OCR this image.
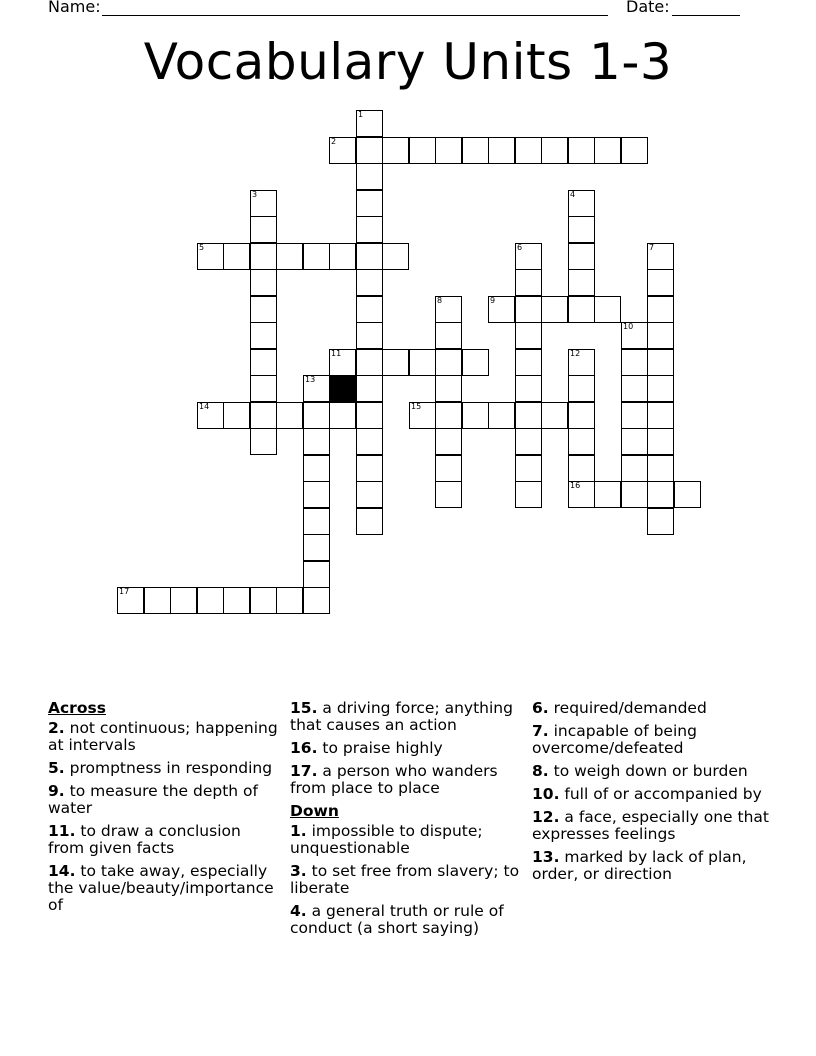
Name:	Date:
Vocabulary Units 1-3
1
2
3	4
5	6	7
8	9
10
11	12
13
14	15
16
17
Across
2. not continuous; happening at intervals
5. promptness in responding
9. to measure the depth of water
11. to draw a conclusion from given facts
14. to take away, especially the value/beauty/importance of
15. a driving force; anything that causes an action
16. to praise highly
17. a person who wanders from place to place
Down
1. impossible to dispute; unquestionable
3. to set free from slavery; to liberate
4. a general truth or rule of conduct (a short saying)
6. required/demanded
7. incapable of being overcome/defeated
8. to weigh down or burden
10. full of or accompanied by
12. a face, especially one that expresses feelings
13. marked by lack of plan, order, or direction
